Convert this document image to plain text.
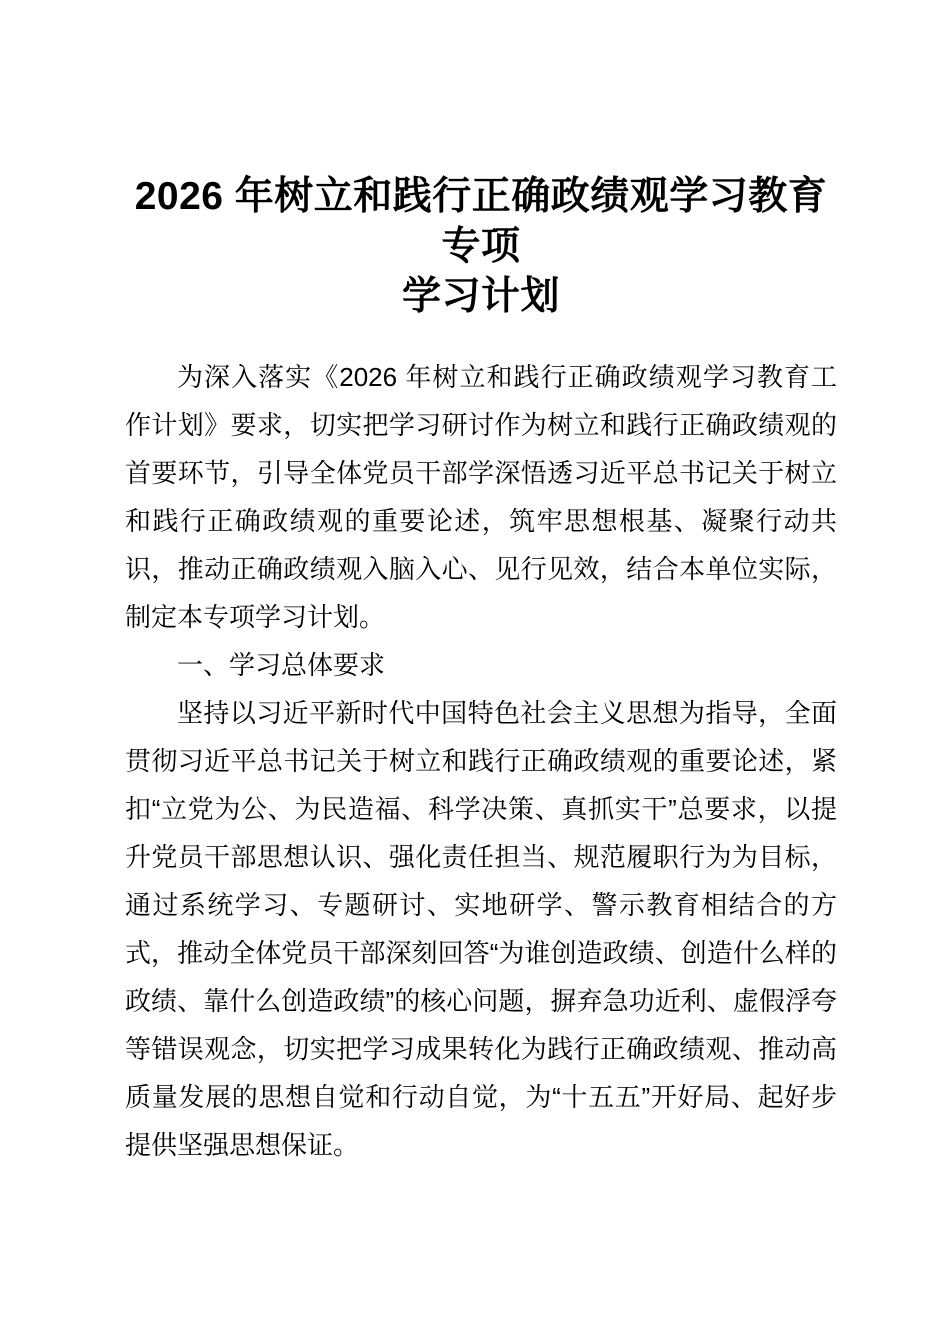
2026 年树立和践行正确政绩观学习教育专项
学习计划

为深入落实《2026 年树立和践行正确政绩观学习教育工作计划》要求，切实把学习研讨作为树立和践行正确政绩观的首要环节，引导全体党员干部学深悟透习近平总书记关于树立和践行正确政绩观的重要论述，筑牢思想根基、凝聚行动共识，推动正确政绩观入脑入心、见行见效，结合本单位实际，制定本专项学习计划。

一、学习总体要求

坚持以习近平新时代中国特色社会主义思想为指导，全面贯彻习近平总书记关于树立和践行正确政绩观的重要论述，紧扣“立党为公、为民造福、科学决策、真抓实干”总要求，以提升党员干部思想认识、强化责任担当、规范履职行为为目标，通过系统学习、专题研讨、实地研学、警示教育相结合的方式，推动全体党员干部深刻回答“为谁创造政绩、创造什么样的政绩、靠什么创造政绩”的核心问题，摒弃急功近利、虚假浮夸等错误观念，切实把学习成果转化为践行正确政绩观、推动高质量发展的思想自觉和行动自觉，为“十五五”开好局、起好步提供坚强思想保证。
